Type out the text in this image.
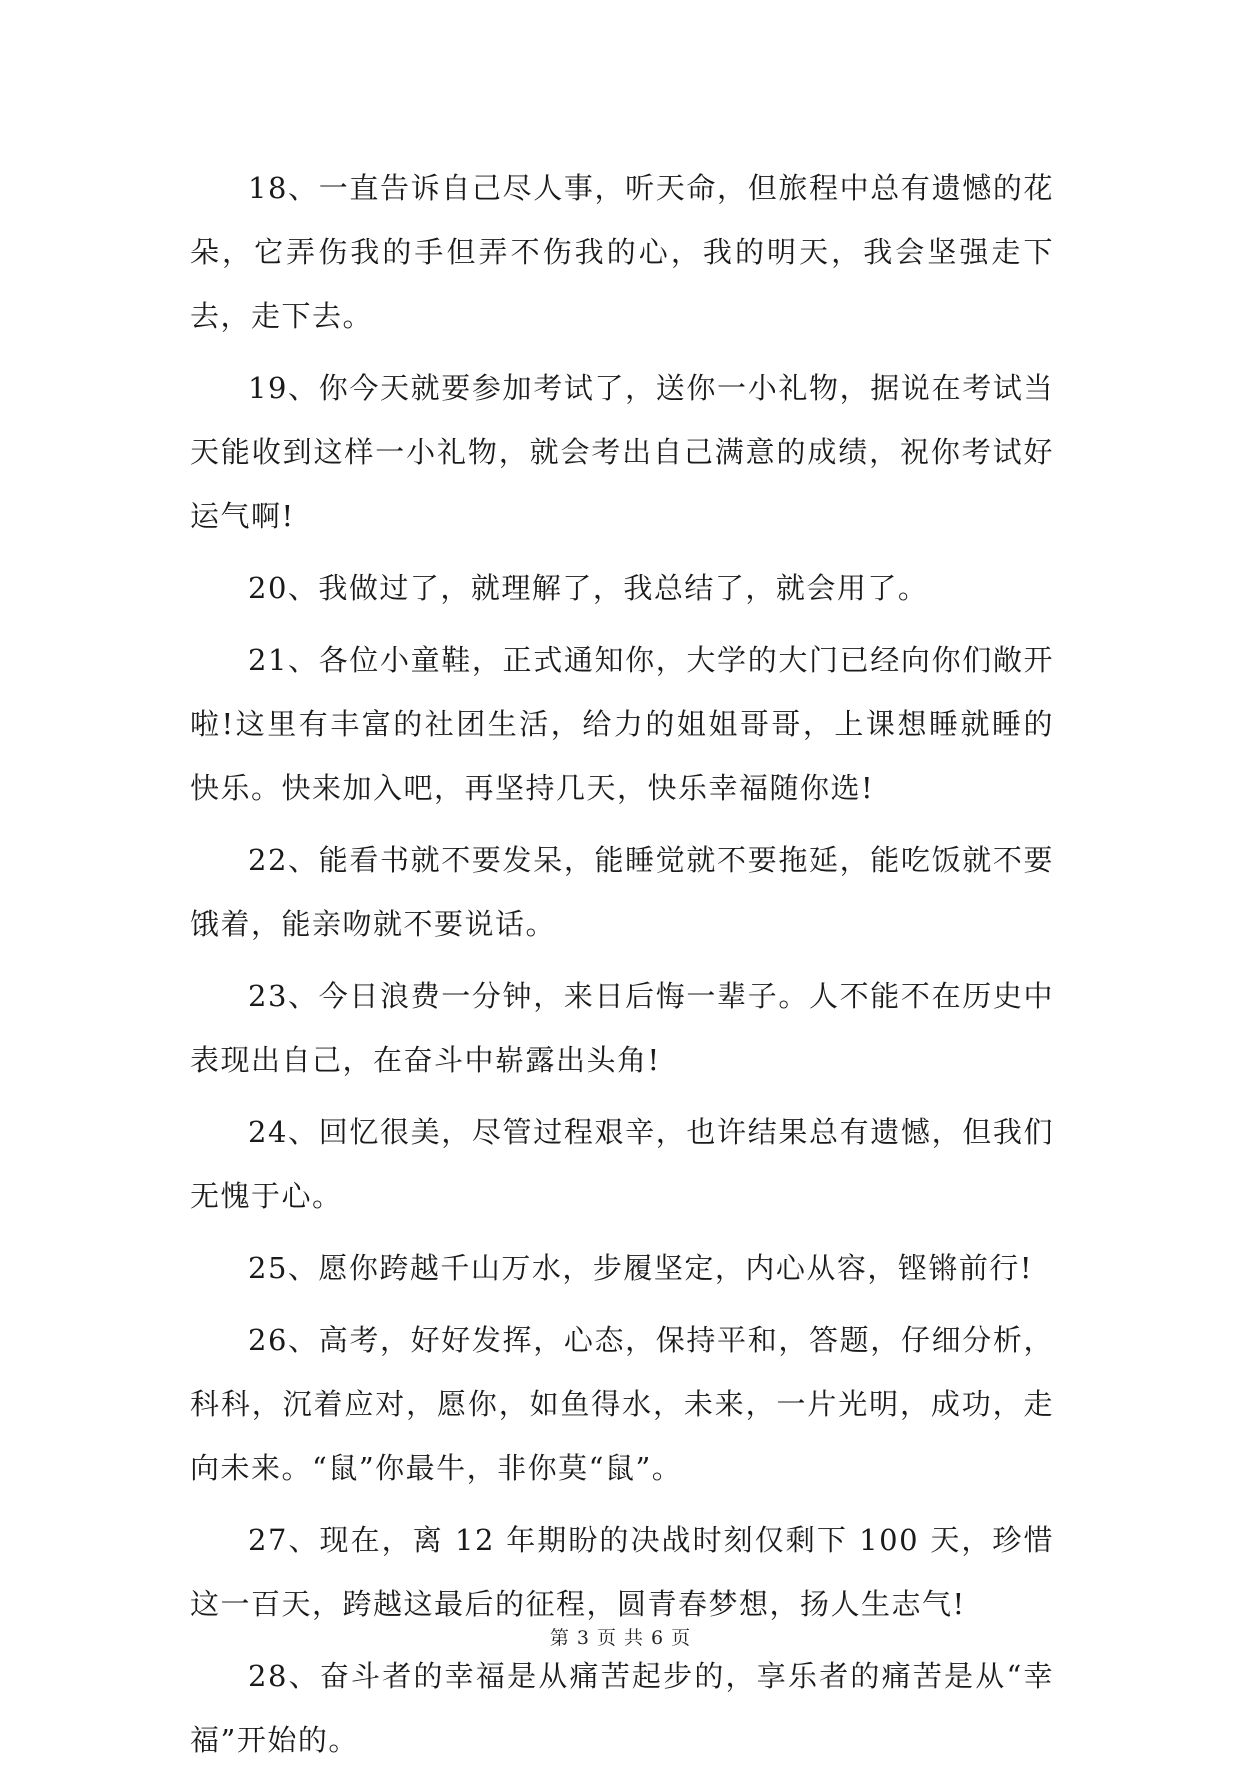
18、一直告诉自己尽人事，听天命，但旅程中总有遗憾的花朵，它弄伤我的手但弄不伤我的心，我的明天，我会坚强走下去，走下去。

19、你今天就要参加考试了，送你一小礼物，据说在考试当天能收到这样一小礼物，就会考出自己满意的成绩，祝你考试好运气啊!

20、我做过了，就理解了，我总结了，就会用了。

21、各位小童鞋，正式通知你，大学的大门已经向你们敞开啦!这里有丰富的社团生活，给力的姐姐哥哥，上课想睡就睡的快乐。快来加入吧，再坚持几天，快乐幸福随你选!

22、能看书就不要发呆，能睡觉就不要拖延，能吃饭就不要饿着，能亲吻就不要说话。

23、今日浪费一分钟，来日后悔一辈子。人不能不在历史中表现出自己，在奋斗中崭露出头角!

24、回忆很美，尽管过程艰辛，也许结果总有遗憾，但我们无愧于心。

25、愿你跨越千山万水，步履坚定，内心从容，铿锵前行!

26、高考，好好发挥，心态，保持平和，答题，仔细分析，科科，沉着应对，愿你，如鱼得水，未来，一片光明，成功，走向未来。“鼠”你最牛，非你莫“鼠”。

27、现在，离 12 年期盼的决战时刻仅剩下 100 天，珍惜这一百天，跨越这最后的征程，圆青春梦想，扬人生志气!

28、奋斗者的幸福是从痛苦起步的，享乐者的痛苦是从“幸福”开始的。

第 3 页 共 6 页
